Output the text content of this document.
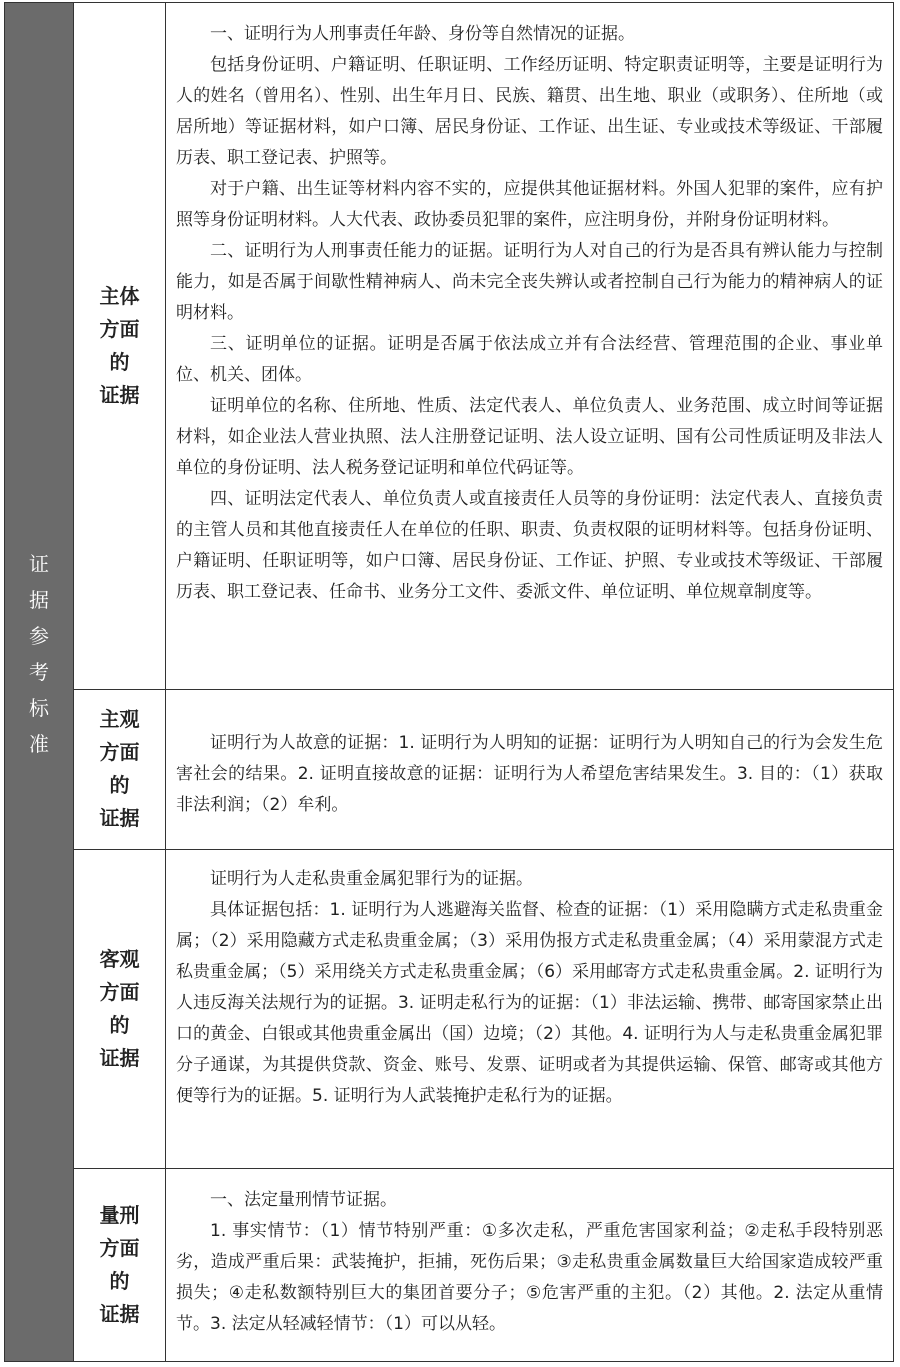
证
据
参
考
标
准
主体
方面
的
证据

一、证明行为人刑事责任年龄、身份等自然情况的证据。

包括身份证明、户籍证明、任职证明、工作经历证明、特定职责证明等，主要是证明行为人的姓名（曾用名）、性别、出生年月日、民族、籍贯、出生地、职业（或职务）、住所地（或居所地）等证据材料，如户口簿、居民身份证、工作证、出生证、专业或技术等级证、干部履历表、职工登记表、护照等。

对于户籍、出生证等材料内容不实的，应提供其他证据材料。外国人犯罪的案件，应有护照等身份证明材料。人大代表、政协委员犯罪的案件，应注明身份，并附身份证明材料。

二、证明行为人刑事责任能力的证据。证明行为人对自己的行为是否具有辨认能力与控制能力，如是否属于间歇性精神病人、尚未完全丧失辨认或者控制自己行为能力的精神病人的证明材料。

三、证明单位的证据。证明是否属于依法成立并有合法经营、管理范围的企业、事业单位、机关、团体。

证明单位的名称、住所地、性质、法定代表人、单位负责人、业务范围、成立时间等证据材料，如企业法人营业执照、法人注册登记证明、法人设立证明、国有公司性质证明及非法人单位的身份证明、法人税务登记证明和单位代码证等。

四、证明法定代表人、单位负责人或直接责任人员等的身份证明：法定代表人、直接负责的主管人员和其他直接责任人在单位的任职、职责、负责权限的证明材料等。包括身份证明、户籍证明、任职证明等，如户口簿、居民身份证、工作证、护照、专业或技术等级证、干部履历表、职工登记表、任命书、业务分工文件、委派文件、单位证明、单位规章制度等。

主观
方面
的
证据

证明行为人故意的证据：1. 证明行为人明知的证据：证明行为人明知自己的行为会发生危害社会的结果。2. 证明直接故意的证据：证明行为人希望危害结果发生。3. 目的：（1）获取非法利润；（2）牟利。

客观
方面
的
证据

证明行为人走私贵重金属犯罪行为的证据。

具体证据包括：1. 证明行为人逃避海关监督、检查的证据：（1）采用隐瞒方式走私贵重金属；（2）采用隐藏方式走私贵重金属；（3）采用伪报方式走私贵重金属；（4）采用蒙混方式走私贵重金属；（5）采用绕关方式走私贵重金属；（6）采用邮寄方式走私贵重金属。2. 证明行为人违反海关法规行为的证据。3. 证明走私行为的证据：（1）非法运输、携带、邮寄国家禁止出口的黄金、白银或其他贵重金属出（国）边境；（2）其他。4. 证明行为人与走私贵重金属犯罪分子通谋，为其提供贷款、资金、账号、发票、证明或者为其提供运输、保管、邮寄或其他方便等行为的证据。5. 证明行为人武装掩护走私行为的证据。

量刑
方面
的
证据

一、法定量刑情节证据。

1. 事实情节：（1）情节特别严重：①多次走私，严重危害国家利益；②走私手段特别恶劣，造成严重后果：武装掩护，拒捕，死伤后果；③走私贵重金属数量巨大给国家造成较严重损失；④走私数额特别巨大的集团首要分子；⑤危害严重的主犯。（2）其他。2. 法定从重情节。3. 法定从轻减轻情节：（1）可以从轻。
